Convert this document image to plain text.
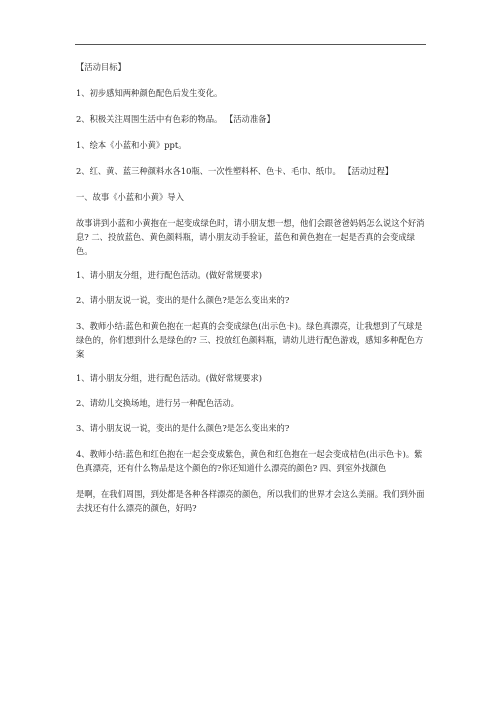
【活动目标】

1、初步感知两种颜色配色后发生变化。

2、积极关注周围生活中有色彩的物品。 【活动准备】

1、绘本《小蓝和小黄》ppt。

2、红、黄、蓝三种颜料水各10瓶、一次性塑料杯、色卡、毛巾、纸巾。 【活动过程】

一、故事《小蓝和小黄》导入

故事讲到小蓝和小黄抱在一起变成绿色时，请小朋友想一想，他们会跟爸爸妈妈怎么说这个好消息? 二、投放蓝色、黄色颜料瓶，请小朋友动手验证，蓝色和黄色抱在一起是否真的会变成绿色。

1、请小朋友分组，进行配色活动。(做好常规要求)

2、请小朋友说一说，变出的是什么颜色?是怎么变出来的?

3、教师小结:蓝色和黄色抱在一起真的会变成绿色(出示色卡)。绿色真漂亮，让我想到了气球是绿色的，你们想到什么是绿色的? 三、投放红色颜料瓶，请幼儿进行配色游戏，感知多种配色方案

1、请小朋友分组，进行配色活动。(做好常规要求)

2、请幼儿交换场地，进行另一种配色活动。

3、请小朋友说一说，变出的是什么颜色?是怎么变出来的?

4、教师小结:蓝色和红色抱在一起会变成紫色，黄色和红色抱在一起会变成桔色(出示色卡)。紫色真漂亮，还有什么物品是这个颜色的?你还知道什么漂亮的颜色? 四、到室外找颜色

是啊，在我们周围，到处都是各种各样漂亮的颜色，所以我们的世界才会这么美丽。我们到外面去找还有什么漂亮的颜色，好吗?
